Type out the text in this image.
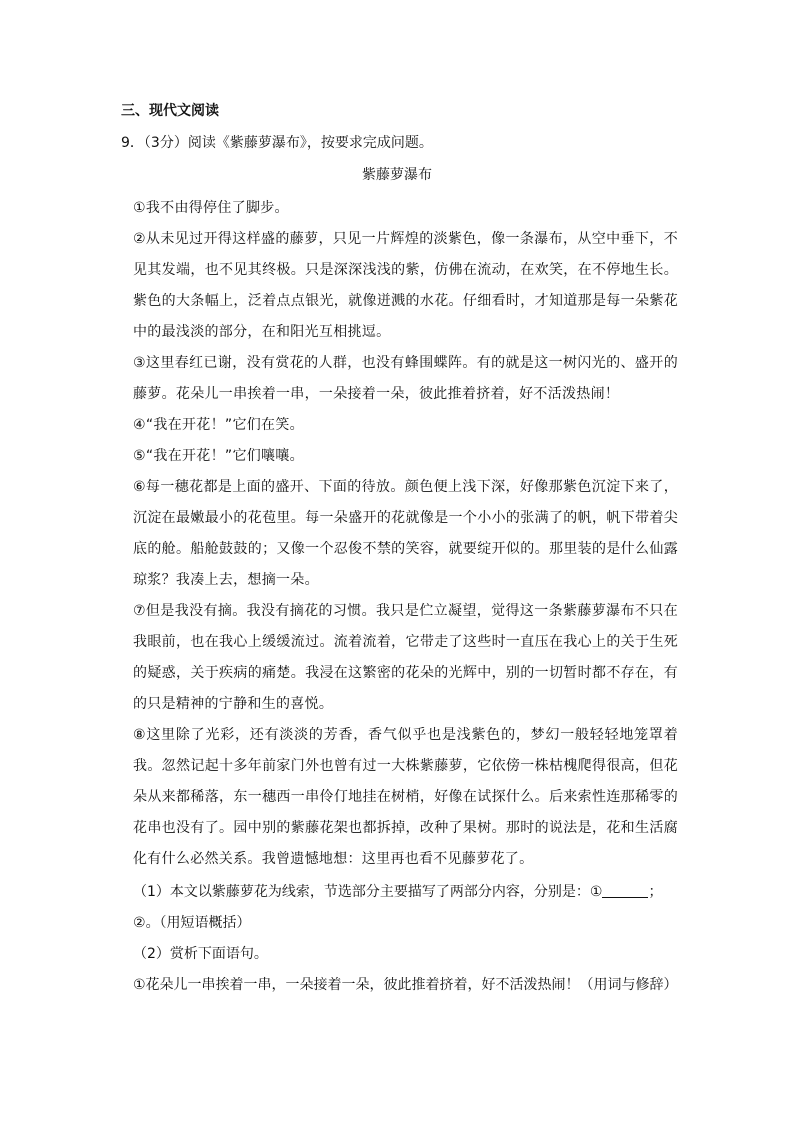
三、现代文阅读
9．（3分）阅读《紫藤萝瀑布》，按要求完成问题。
紫藤萝瀑布

①我不由得停住了脚步。

②从未见过开得这样盛的藤萝，只见一片辉煌的淡紫色，像一条瀑布，从空中垂下，不见其发端，也不见其终极。只是深深浅浅的紫，仿佛在流动，在欢笑，在不停地生长。紫色的大条幅上，泛着点点银光，就像迸溅的水花。仔细看时，才知道那是每一朵紫花中的最浅淡的部分，在和阳光互相挑逗。

③这里春红已谢，没有赏花的人群，也没有蜂围蝶阵。有的就是这一树闪光的、盛开的藤萝。花朵儿一串挨着一串，一朵接着一朵，彼此推着挤着，好不活泼热闹！

④“我在开花！”它们在笑。

⑤“我在开花！”它们嚷嚷。

⑥每一穗花都是上面的盛开、下面的待放。颜色便上浅下深，好像那紫色沉淀下来了，沉淀在最嫩最小的花苞里。每一朵盛开的花就像是一个小小的张满了的帆，帆下带着尖底的舱。船舱鼓鼓的；又像一个忍俊不禁的笑容，就要绽开似的。那里装的是什么仙露琼浆？我凑上去，想摘一朵。

⑦但是我没有摘。我没有摘花的习惯。我只是伫立凝望，觉得这一条紫藤萝瀑布不只在我眼前，也在我心上缓缓流过。流着流着，它带走了这些时一直压在我心上的关于生死的疑惑，关于疾病的痛楚。我浸在这繁密的花朵的光辉中，别的一切暂时都不存在，有的只是精神的宁静和生的喜悦。

⑧这里除了光彩，还有淡淡的芳香，香气似乎也是浅紫色的，梦幻一般轻轻地笼罩着我。忽然记起十多年前家门外也曾有过一大株紫藤萝，它依傍一株枯槐爬得很高，但花朵从来都稀落，东一穗西一串伶仃地挂在树梢，好像在试探什么。后来索性连那稀零的花串也没有了。园中别的紫藤花架也都拆掉，改种了果树。那时的说法是，花和生活腐化有什么必然关系。我曾遗憾地想：这里再也看不见藤萝花了。

（1）本文以紫藤萝花为线索，节选部分主要描写了两部分内容，分别是：①	；②。（用短语概括）
（2）赏析下面语句。
①花朵儿一串挨着一串，一朵接着一朵，彼此推着挤着，好不活泼热闹！（用词与修辞）
